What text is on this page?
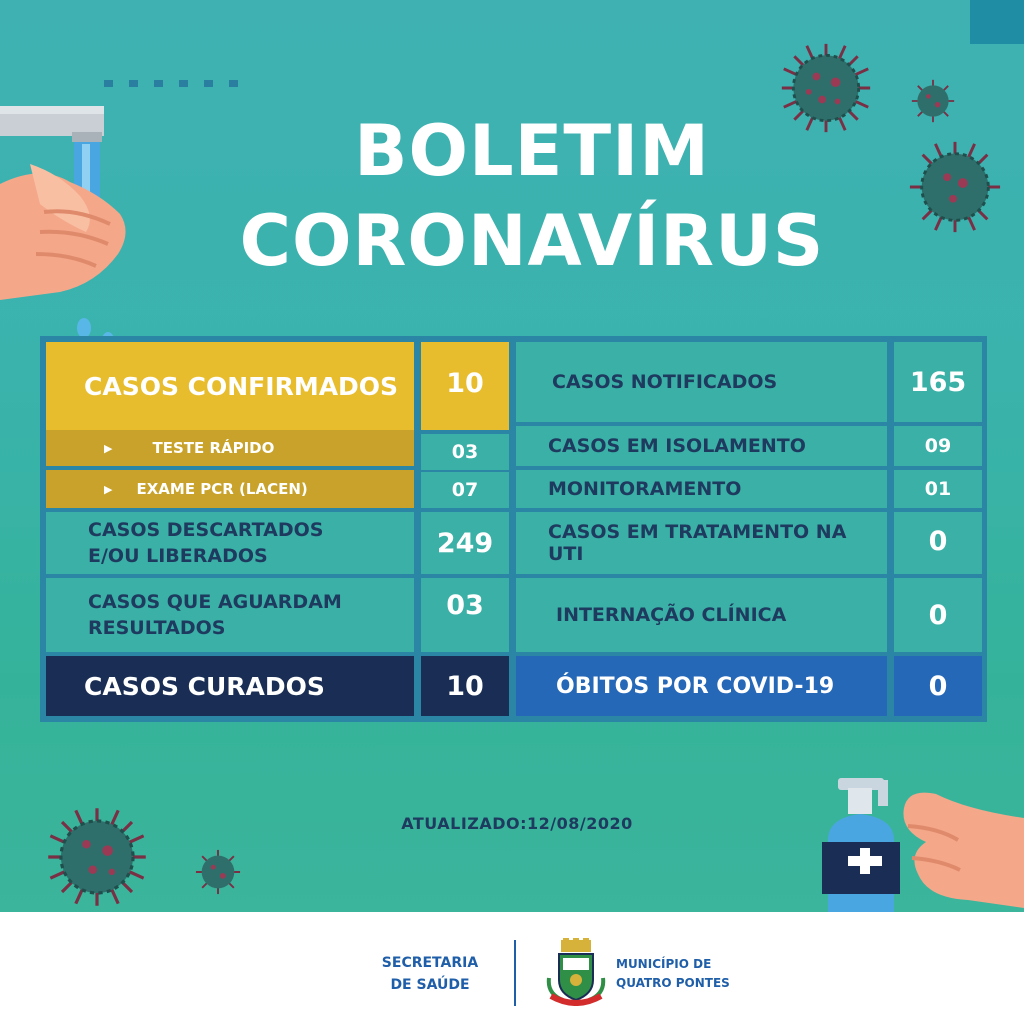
BOLETIM
CORONAVÍRUS
CASOS CONFIRMADOS 10
▶	TESTE RÁPIDO	03
▶ EXAME PCR (LACEN)	07
CASOS DESCARTADOS
E/OU LIBERADOS	249
CASOS QUE AGUARDAM
RESULTADOS
03
CASOS CURADOS	10
CASOS NOTIFICADOS	165
CASOS EM ISOLAMENTO	09
MONITORAMENTO	01
CASOS EM TRATAMENTO NA UTI	0
INTERNAÇÃO CLÍNICA	0
ÓBITOS POR COVID-19	0
ATUALIZADO:12/08/2020
SECRETARIA
DE SAÚDE
MUNICÍPIO DE
QUATRO PONTES
